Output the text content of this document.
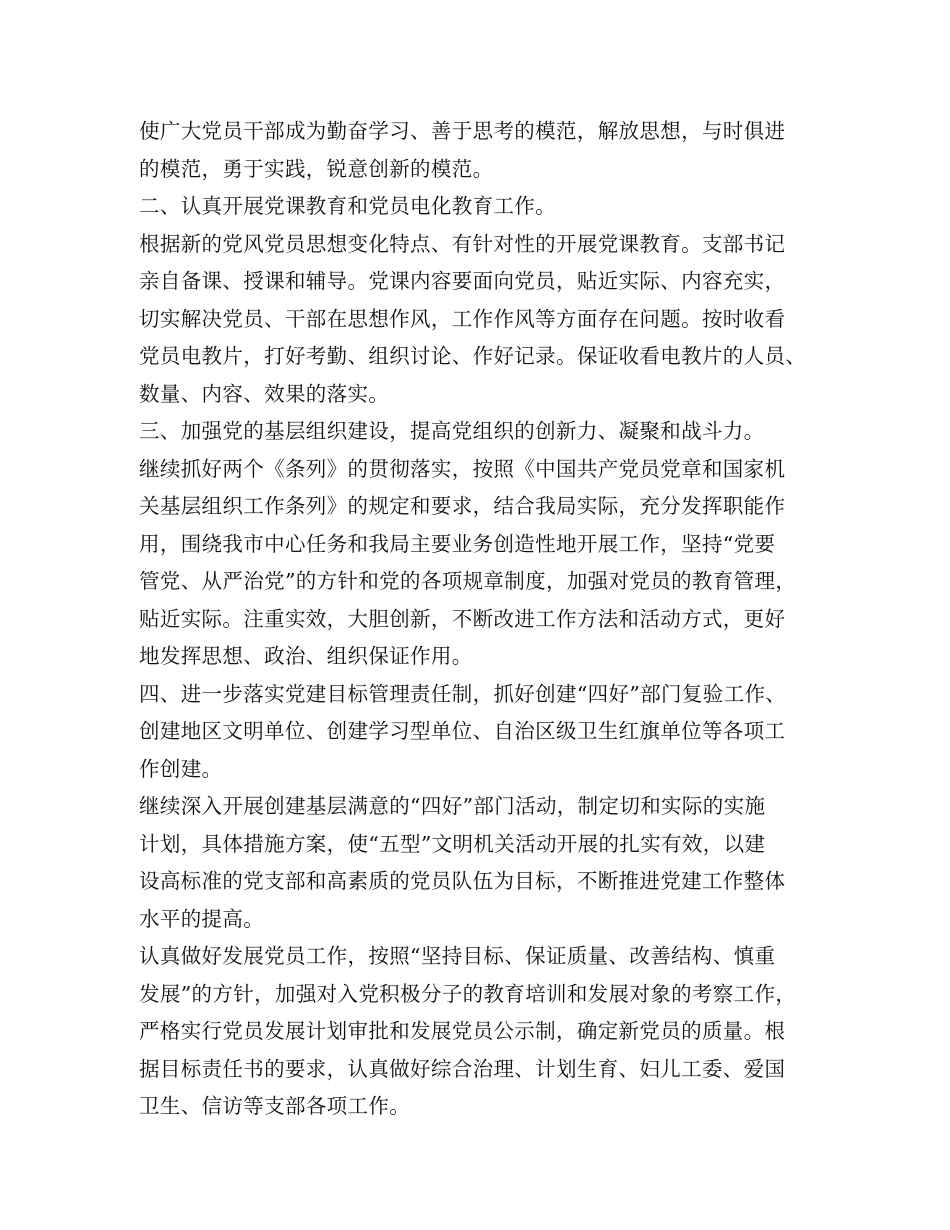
使广大党员干部成为勤奋学习、善于思考的模范，解放思想，与时俱进
的模范，勇于实践，锐意创新的模范。
二、认真开展党课教育和党员电化教育工作。
根据新的党风党员思想变化特点、有针对性的开展党课教育。支部书记
亲自备课、授课和辅导。党课内容要面向党员，贴近实际、内容充实，
切实解决党员、干部在思想作风，工作作风等方面存在问题。按时收看
党员电教片，打好考勤、组织讨论、作好记录。保证收看电教片的人员、
数量、内容、效果的落实。
三、加强党的基层组织建设，提高党组织的创新力、凝聚和战斗力。
继续抓好两个《条列》的贯彻落实，按照《中国共产党员党章和国家机
关基层组织工作条列》的规定和要求，结合我局实际，充分发挥职能作
用，围绕我市中心任务和我局主要业务创造性地开展工作，坚持“党要
管党、从严治党”的方针和党的各项规章制度，加强对党员的教育管理，
贴近实际。注重实效，大胆创新，不断改进工作方法和活动方式，更好
地发挥思想、政治、组织保证作用。
四、进一步落实党建目标管理责任制，抓好创建“四好”部门复验工作、
创建地区文明单位、创建学习型单位、自治区级卫生红旗单位等各项工
作创建。
继续深入开展创建基层满意的“四好”部门活动，制定切和实际的实施
计划，具体措施方案，使“五型”文明机关活动开展的扎实有效，以建
设高标准的党支部和高素质的党员队伍为目标，不断推进党建工作整体
水平的提高。
认真做好发展党员工作，按照“坚持目标、保证质量、改善结构、慎重
发展”的方针，加强对入党积极分子的教育培训和发展对象的考察工作，
严格实行党员发展计划审批和发展党员公示制，确定新党员的质量。根
据目标责任书的要求，认真做好综合治理、计划生育、妇儿工委、爱国
卫生、信访等支部各项工作。
